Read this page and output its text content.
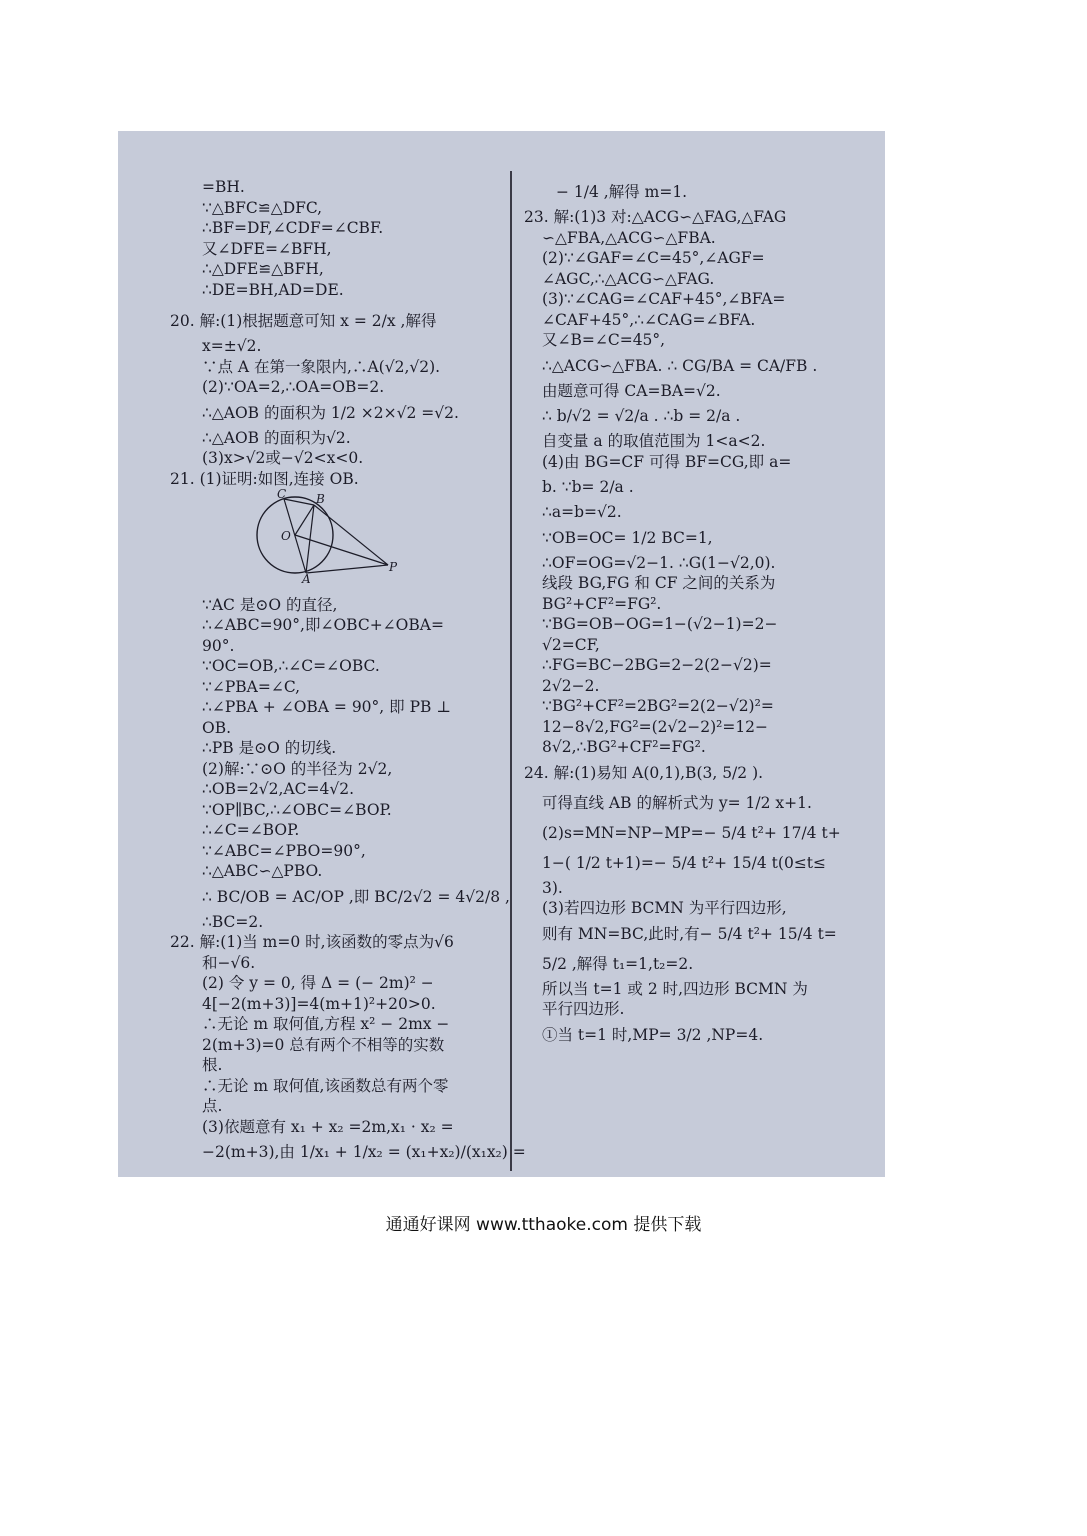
=BH.
∵△BFC≌△DFC,
∴BF=DF,∠CDF=∠CBF.
又∠DFE=∠BFH,
∴△DFE≌△BFH,
∴DE=BH,AD=DE.
20. 解:(1)根据题意可知 x = 2/x ,解得
x=±√2.
∵点 A 在第一象限内,∴A(√2,√2).
(2)∵OA=2,∴OA=OB=2.
∴△AOB 的面积为 1/2 ×2×√2 =√2.
∴△AOB 的面积为√2.
(3)x>√2或−√2<x<0.
21. (1)证明:如图,连接 OB.
C B
O
A
P
∵AC 是⊙O 的直径,
∴∠ABC=90°,即∠OBC+∠OBA=
90°.
∵OC=OB,∴∠C=∠OBC.
∵∠PBA=∠C,
∴∠PBA + ∠OBA = 90°, 即 PB ⊥
OB.
∴PB 是⊙O 的切线.
(2)解:∵⊙O 的半径为 2√2,
∴OB=2√2,AC=4√2.
∵OP∥BC,∴∠OBC=∠BOP.
∴∠C=∠BOP.
∵∠ABC=∠PBO=90°,
∴△ABC∽△PBO.
∴ BC/OB = AC/OP ,即 BC/2√2 = 4√2/8 ,
∴BC=2.
22. 解:(1)当 m=0 时,该函数的零点为√6
和−√6.
(2) 令 y = 0, 得 Δ = (− 2m)² −
4[−2(m+3)]=4(m+1)²+20>0.
∴无论 m 取何值,方程 x² − 2mx −
2(m+3)=0 总有两个不相等的实数
根.
∴无论 m 取何值,该函数总有两个零
点.
(3)依题意有 x₁ + x₂ =2m,x₁ · x₂ =
−2(m+3),由 1/x₁ + 1/x₂ = (x₁+x₂)/(x₁x₂) =
− 1/4 ,解得 m=1.
23. 解:(1)3 对:△ACG∽△FAG,△FAG
∽△FBA,△ACG∽△FBA.
(2)∵∠GAF=∠C=45°,∠AGF=
∠AGC,∴△ACG∽△FAG.
(3)∵∠CAG=∠CAF+45°,∠BFA=
∠CAF+45°,∴∠CAG=∠BFA.
又∠B=∠C=45°,
∴△ACG∽△FBA. ∴ CG/BA = CA/FB .
由题意可得 CA=BA=√2.
∴ b/√2 = √2/a . ∴b = 2/a .
自变量 a 的取值范围为 1<a<2.
(4)由 BG=CF 可得 BF=CG,即 a=
b. ∵b= 2/a .
∴a=b=√2.
∵OB=OC= 1/2 BC=1,
∴OF=OG=√2−1. ∴G(1−√2,0).
线段 BG,FG 和 CF 之间的关系为
BG²+CF²=FG².
∵BG=OB−OG=1−(√2−1)=2−
√2=CF,
∴FG=BC−2BG=2−2(2−√2)=
2√2−2.
∵BG²+CF²=2BG²=2(2−√2)²=
12−8√2,FG²=(2√2−2)²=12−
8√2,∴BG²+CF²=FG².
24. 解:(1)易知 A(0,1),B(3, 5/2 ).
可得直线 AB 的解析式为 y= 1/2 x+1.
(2)s=MN=NP−MP=− 5/4 t²+ 17/4 t+
1−( 1/2 t+1)=− 5/4 t²+ 15/4 t(0≤t≤
3).
(3)若四边形 BCMN 为平行四边形,
则有 MN=BC,此时,有− 5/4 t²+ 15/4 t=
5/2 ,解得 t₁=1,t₂=2.
所以当 t=1 或 2 时,四边形 BCMN 为
平行四边形.
①当 t=1 时,MP= 3/2 ,NP=4.
通通好课网 www.tthaoke.com 提供下载
